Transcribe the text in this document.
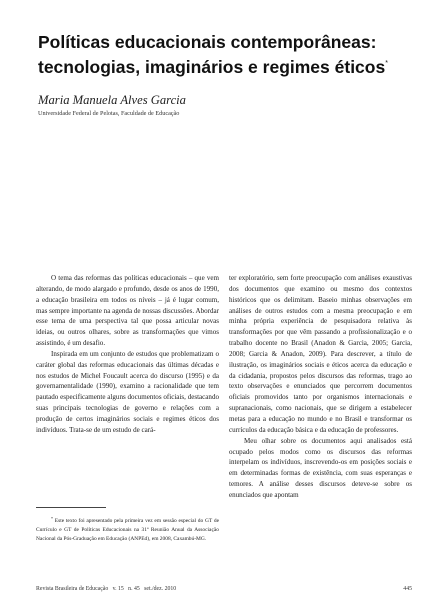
Políticas educacionais contemporâneas:
tecnologias, imaginários e regimes éticos*
Maria Manuela Alves Garcia
Universidade Federal de Pelotas, Faculdade de Educação

O tema das reformas das políticas educacionais – que vem alterando, de modo alargado e profundo, desde os anos de 1990, a educação brasileira em todos os níveis – já é lugar comum, mas sempre importante na agenda de nossas discussões. Abordar esse tema de uma perspectiva tal que possa articular novas ideias, ou outros olhares, sobre as transformações que vimos assistindo, é um desafio.

Inspirada em um conjunto de estudos que problematizam o caráter global das reformas educacionais das últimas décadas e nos estudos de Michel Foucault acerca do discurso (1995) e da governamentalidade (1990), examino a racionalidade que tem pautado especificamente alguns documentos oficiais, destacando suas principais tecnologias de governo e relações com a produção de certos imaginários sociais e regimes éticos dos indivíduos. Trata-se de um estudo de cará-

ter exploratório, sem forte preocupação com análises exaustivas dos documentos que examino ou mesmo dos contextos históricos que os delimitam. Baseio minhas observações em análises de outros estudos com a mesma preocupação e em minha própria experiência de pesquisadora relativa às transformações por que vêm passando a profissionalização e o trabalho docente no Brasil (Anadon & Garcia, 2005; Garcia, 2008; Garcia & Anadon, 2009). Para descrever, a título de ilustração, os imaginários sociais e éticos acerca da educação e da cidadania, propostos pelos discursos das reformas, trago ao texto observações e enunciados que percorrem documentos oficiais promovidos tanto por organismos internacionais e supranacionais, como nacionais, que se dirigem a estabelecer metas para a educação no mundo e no Brasil e transformar os currículos da educação básica e da educação de professores.

Meu olhar sobre os documentos aqui analisados está ocupado pelos modos como os discursos das reformas interpelam os indivíduos, inscrevendo-os em posições sociais e em determinadas formas de existência, com suas esperanças e temores. A análise desses discursos deteve-se sobre os enunciados que apontam

* Este texto foi apresentado pela primeira vez em sessão especial do GT de Currículo e GT de Políticas Educacionais na 31ª Reunião Anual da Associação Nacional da Pós-Graduação em Educação (ANPEd), em 2008, Caxambú-MG.
Revista Brasileira de Educação   v. 15   n. 45   set./dez. 2010	445
